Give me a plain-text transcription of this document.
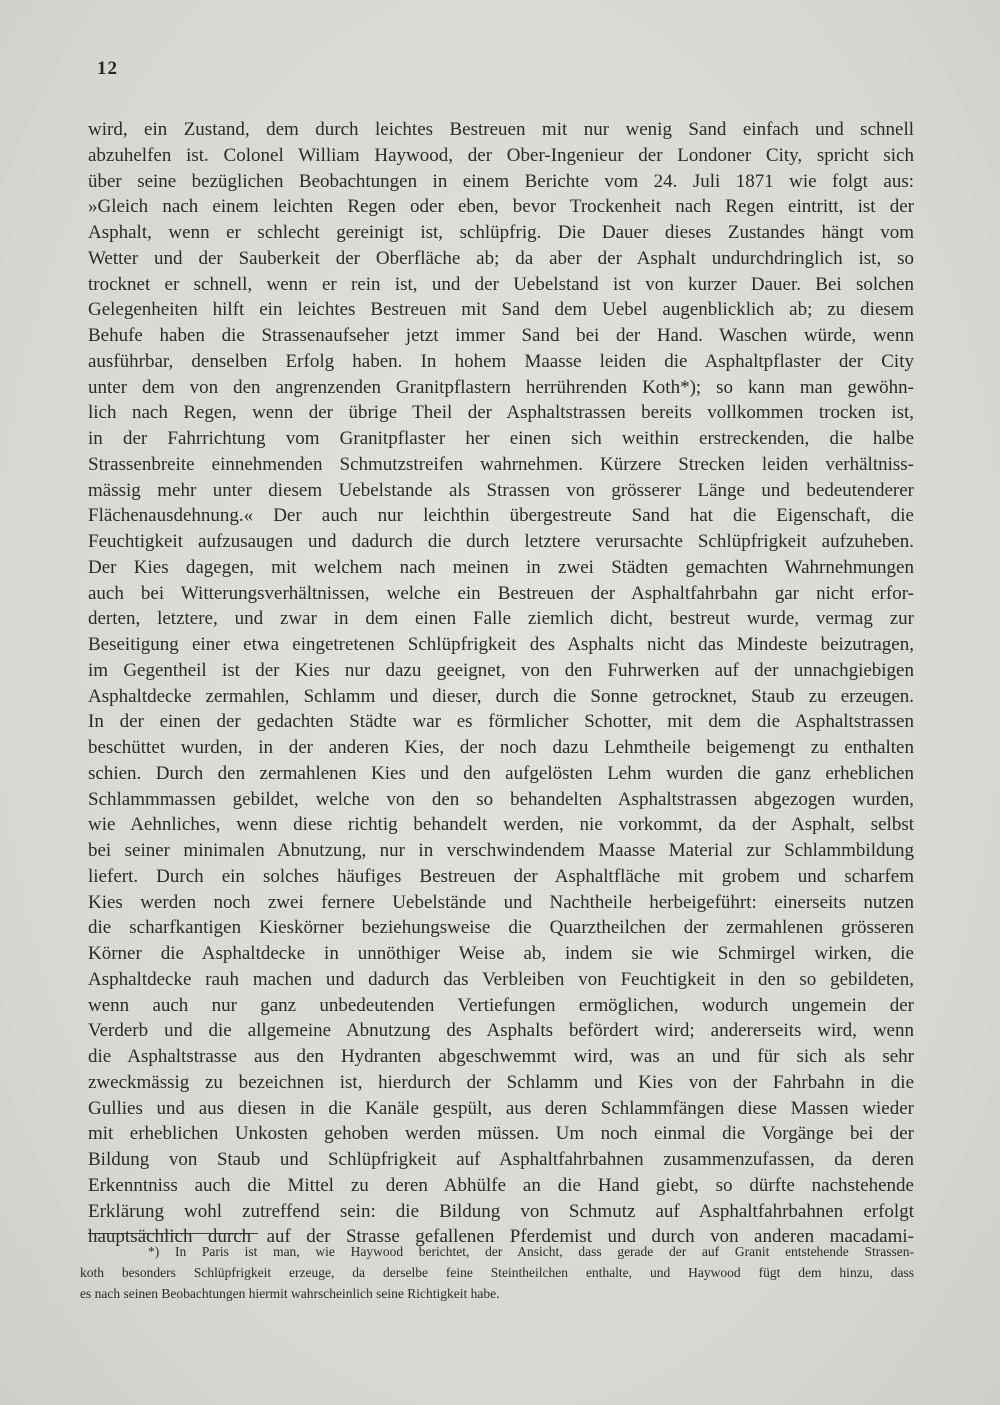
12
wird, ein Zustand, dem durch leichtes Bestreuen mit nur wenig Sand einfach und schnell
abzuhelfen ist. Colonel William Haywood, der Ober-Ingenieur der Londoner City, spricht sich
über seine bezüglichen Beobachtungen in einem Berichte vom 24. Juli 1871 wie folgt aus:
»Gleich nach einem leichten Regen oder eben, bevor Trockenheit nach Regen eintritt, ist der
Asphalt, wenn er schlecht gereinigt ist, schlüpfrig. Die Dauer dieses Zustandes hängt vom
Wetter und der Sauberkeit der Oberfläche ab; da aber der Asphalt undurchdringlich ist, so
trocknet er schnell, wenn er rein ist, und der Uebelstand ist von kurzer Dauer. Bei solchen
Gelegenheiten hilft ein leichtes Bestreuen mit Sand dem Uebel augenblicklich ab; zu diesem
Behufe haben die Strassenaufseher jetzt immer Sand bei der Hand. Waschen würde, wenn
ausführbar, denselben Erfolg haben. In hohem Maasse leiden die Asphaltpflaster der City
unter dem von den angrenzenden Granitpflastern herrührenden Koth*); so kann man gewöhn-
lich nach Regen, wenn der übrige Theil der Asphaltstrassen bereits vollkommen trocken ist,
in der Fahrrichtung vom Granitpflaster her einen sich weithin erstreckenden, die halbe
Strassenbreite einnehmenden Schmutzstreifen wahrnehmen. Kürzere Strecken leiden verhältniss-
mässig mehr unter diesem Uebelstande als Strassen von grösserer Länge und bedeutenderer
Flächenausdehnung.« Der auch nur leichthin übergestreute Sand hat die Eigenschaft, die
Feuchtigkeit aufzusaugen und dadurch die durch letztere verursachte Schlüpfrigkeit aufzuheben.
Der Kies dagegen, mit welchem nach meinen in zwei Städten gemachten Wahrnehmungen
auch bei Witterungsverhältnissen, welche ein Bestreuen der Asphaltfahrbahn gar nicht erfor-
derten, letztere, und zwar in dem einen Falle ziemlich dicht, bestreut wurde, vermag zur
Beseitigung einer etwa eingetretenen Schlüpfrigkeit des Asphalts nicht das Mindeste beizutragen,
im Gegentheil ist der Kies nur dazu geeignet, von den Fuhrwerken auf der unnachgiebigen
Asphaltdecke zermahlen, Schlamm und dieser, durch die Sonne getrocknet, Staub zu erzeugen.
In der einen der gedachten Städte war es förmlicher Schotter, mit dem die Asphaltstrassen
beschüttet wurden, in der anderen Kies, der noch dazu Lehmtheile beigemengt zu enthalten
schien. Durch den zermahlenen Kies und den aufgelösten Lehm wurden die ganz erheblichen
Schlammmassen gebildet, welche von den so behandelten Asphaltstrassen abgezogen wurden,
wie Aehnliches, wenn diese richtig behandelt werden, nie vorkommt, da der Asphalt, selbst
bei seiner minimalen Abnutzung, nur in verschwindendem Maasse Material zur Schlammbildung
liefert. Durch ein solches häufiges Bestreuen der Asphaltfläche mit grobem und scharfem
Kies werden noch zwei fernere Uebelstände und Nachtheile herbeigeführt: einerseits nutzen
die scharfkantigen Kieskörner beziehungsweise die Quarztheilchen der zermahlenen grösseren
Körner die Asphaltdecke in unnöthiger Weise ab, indem sie wie Schmirgel wirken, die
Asphaltdecke rauh machen und dadurch das Verbleiben von Feuchtigkeit in den so gebildeten,
wenn auch nur ganz unbedeutenden Vertiefungen ermöglichen, wodurch ungemein der
Verderb und die allgemeine Abnutzung des Asphalts befördert wird; andererseits wird, wenn
die Asphaltstrasse aus den Hydranten abgeschwemmt wird, was an und für sich als sehr
zweckmässig zu bezeichnen ist, hierdurch der Schlamm und Kies von der Fahrbahn in die
Gullies und aus diesen in die Kanäle gespült, aus deren Schlammfängen diese Massen wieder
mit erheblichen Unkosten gehoben werden müssen. Um noch einmal die Vorgänge bei der
Bildung von Staub und Schlüpfrigkeit auf Asphaltfahrbahnen zusammenzufassen, da deren
Erkenntniss auch die Mittel zu deren Abhülfe an die Hand giebt, so dürfte nachstehende
Erklärung wohl zutreffend sein: die Bildung von Schmutz auf Asphaltfahrbahnen erfolgt
hauptsächlich durch auf der Strasse gefallenen Pferdemist und durch von anderen macadami-
*) In Paris ist man, wie Haywood berichtet, der Ansicht, dass gerade der auf Granit entstehende Strassen-
koth besonders Schlüpfrigkeit erzeuge, da derselbe feine Steintheilchen enthalte, und Haywood fügt dem hinzu, dass
es nach seinen Beobachtungen hiermit wahrscheinlich seine Richtigkeit habe.
